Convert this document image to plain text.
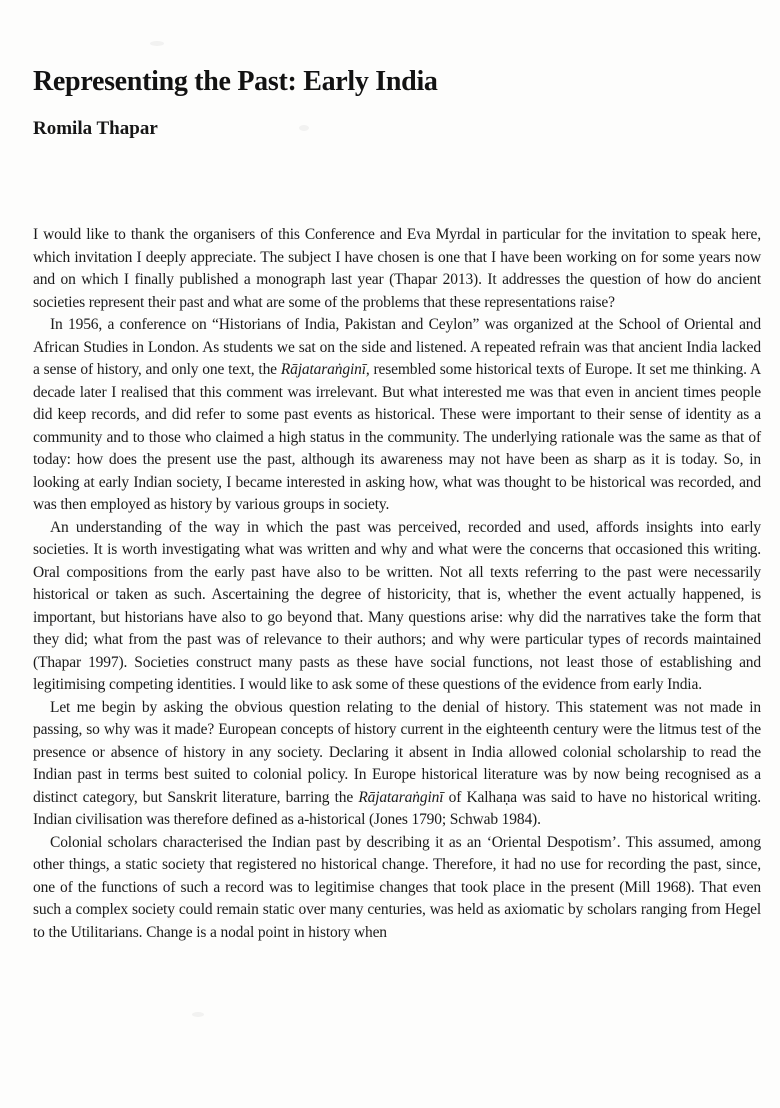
Representing the Past: Early India
Romila Thapar

I would like to thank the organisers of this Conference and Eva Myrdal in particular for the invitation to speak here, which invitation I deeply appreciate. The subject I have chosen is one that I have been working on for some years now and on which I finally published a monograph last year (Thapar 2013). It addresses the question of how do ancient societies represent their past and what are some of the problems that these representations raise?

In 1956, a conference on “Historians of India, Pakistan and Ceylon” was organized at the School of Oriental and African Studies in London. As students we sat on the side and listened. A repeated refrain was that ancient India lacked a sense of history, and only one text, the Rājataraṅginī, resembled some historical texts of Europe. It set me thinking. A decade later I realised that this comment was irrelevant. But what interested me was that even in ancient times people did keep records, and did refer to some past events as historical. These were important to their sense of identity as a community and to those who claimed a high status in the community. The underlying rationale was the same as that of today: how does the present use the past, although its awareness may not have been as sharp as it is today. So, in looking at early Indian society, I became interested in asking how, what was thought to be historical was recorded, and was then employed as history by various groups in society.

An understanding of the way in which the past was perceived, recorded and used, affords insights into early societies. It is worth investigating what was written and why and what were the concerns that occasioned this writing. Oral compositions from the early past have also to be written. Not all texts referring to the past were necessarily historical or taken as such. Ascertaining the degree of historicity, that is, whether the event actually happened, is important, but historians have also to go beyond that. Many questions arise: why did the narratives take the form that they did; what from the past was of relevance to their authors; and why were particular types of records maintained (Thapar 1997). Societies construct many pasts as these have social functions, not least those of establishing and legitimising competing identities. I would like to ask some of these questions of the evidence from early India.

Let me begin by asking the obvious question relating to the denial of history. This statement was not made in passing, so why was it made? European concepts of history current in the eighteenth century were the litmus test of the presence or absence of history in any society. Declaring it absent in India allowed colonial scholarship to read the Indian past in terms best suited to colonial policy. In Europe historical literature was by now being recognised as a distinct category, but Sanskrit literature, barring the Rājataraṅginī of Kalhaṇa was said to have no historical writing. Indian civilisation was therefore defined as a-historical (Jones 1790; Schwab 1984).

Colonial scholars characterised the Indian past by describing it as an ‘Oriental Despotism’. This assumed, among other things, a static society that registered no historical change. Therefore, it had no use for recording the past, since, one of the functions of such a record was to legitimise changes that took place in the present (Mill 1968). That even such a complex society could remain static over many centuries, was held as axiomatic by scholars ranging from Hegel to the Utilitarians. Change is a nodal point in history when
